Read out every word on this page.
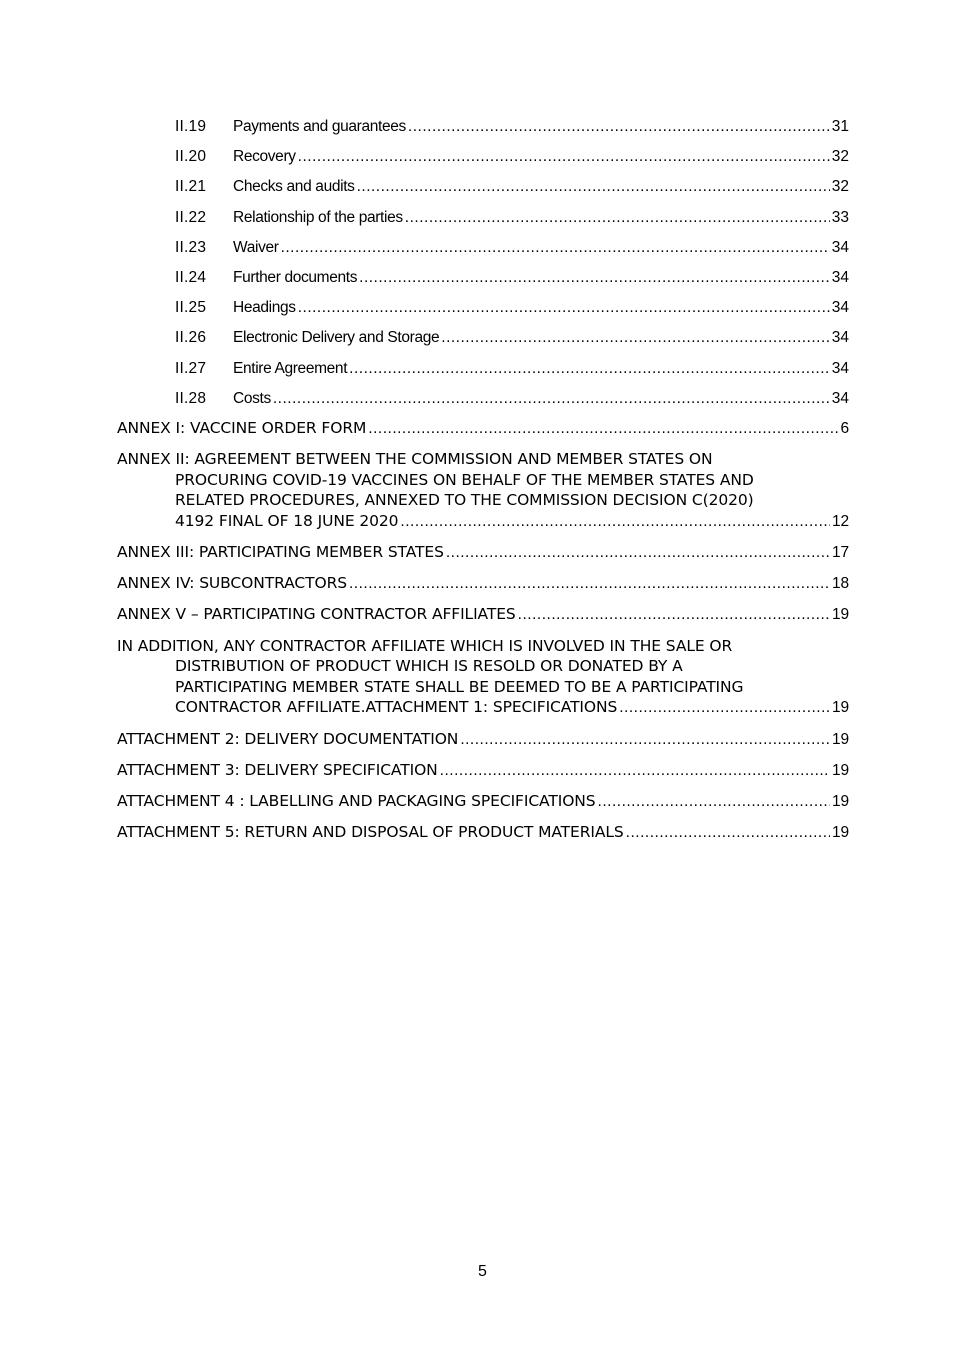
II.19	Payments and guarantees .....	31
II.20	Recovery .....	32
II.21	Checks and audits .....	32
II.22	Relationship of the parties .....	33
II.23	Waiver .....	34
II.24	Further documents .....	34
II.25	Headings .....	34
II.26	Electronic Delivery and Storage .....	34
II.27	Entire Agreement .....	34
II.28	Costs .....	34
ANNEX I: VACCINE ORDER FORM .....	6
ANNEX II: AGREEMENT BETWEEN THE COMMISSION AND MEMBER STATES ON
PROCURING COVID-19 VACCINES ON BEHALF OF THE MEMBER STATES AND
RELATED PROCEDURES, ANNEXED TO THE COMMISSION DECISION C(2020)
4192 FINAL OF 18 JUNE 2020 .....	12
ANNEX III: PARTICIPATING MEMBER STATES .....	17
ANNEX IV: SUBCONTRACTORS .....	18
ANNEX V – PARTICIPATING CONTRACTOR AFFILIATES .....	19
IN ADDITION, ANY CONTRACTOR AFFILIATE WHICH IS INVOLVED IN THE SALE OR
DISTRIBUTION OF PRODUCT WHICH IS RESOLD OR DONATED BY A
PARTICIPATING MEMBER STATE SHALL BE DEEMED TO BE A PARTICIPATING
CONTRACTOR AFFILIATE.ATTACHMENT 1: SPECIFICATIONS .....	19
ATTACHMENT 2: DELIVERY DOCUMENTATION .....	19
ATTACHMENT 3: DELIVERY SPECIFICATION .....	19
ATTACHMENT 4 : LABELLING AND PACKAGING SPECIFICATIONS .....	19
ATTACHMENT 5: RETURN AND DISPOSAL OF PRODUCT MATERIALS .....	19
5
